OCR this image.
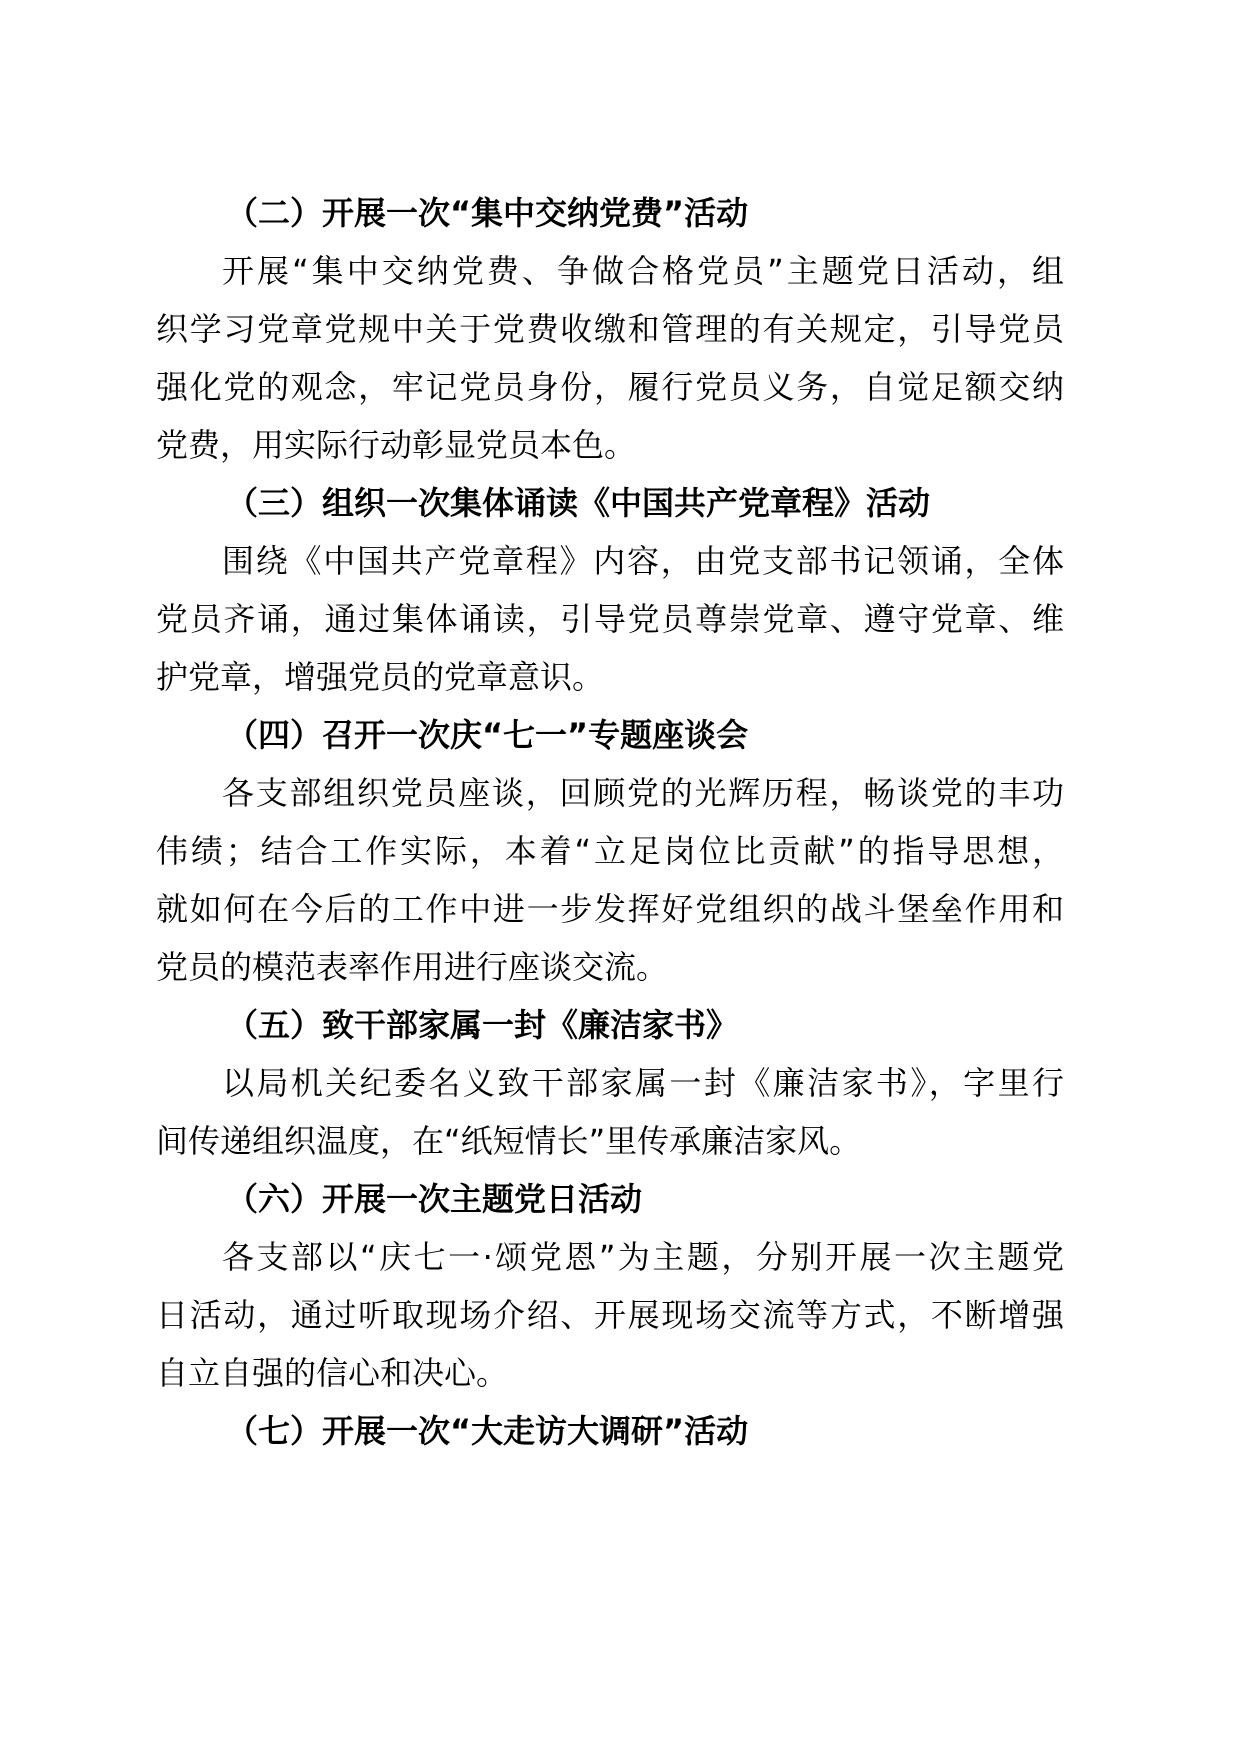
（二）开展一次“集中交纳党费”活动

开展“集中交纳党费、争做合格党员”主题党日活动，组
织学习党章党规中关于党费收缴和管理的有关规定，引导党员
强化党的观念，牢记党员身份，履行党员义务，自觉足额交纳
党费，用实际行动彰显党员本色。

（三）组织一次集体诵读《中国共产党章程》活动

围绕《中国共产党章程》内容，由党支部书记领诵，全体
党员齐诵，通过集体诵读，引导党员尊崇党章、遵守党章、维
护党章，增强党员的党章意识。

（四）召开一次庆“七一”专题座谈会

各支部组织党员座谈，回顾党的光辉历程，畅谈党的丰功
伟绩；结合工作实际，本着“立足岗位比贡献”的指导思想，
就如何在今后的工作中进一步发挥好党组织的战斗堡垒作用和
党员的模范表率作用进行座谈交流。

（五）致干部家属一封《廉洁家书》

以局机关纪委名义致干部家属一封《廉洁家书》，字里行
间传递组织温度，在“纸短情长”里传承廉洁家风。

（六）开展一次主题党日活动

各支部以“庆七一·颂党恩”为主题，分别开展一次主题党
日活动，通过听取现场介绍、开展现场交流等方式，不断增强
自立自强的信心和决心。

（七）开展一次“大走访大调研”活动
